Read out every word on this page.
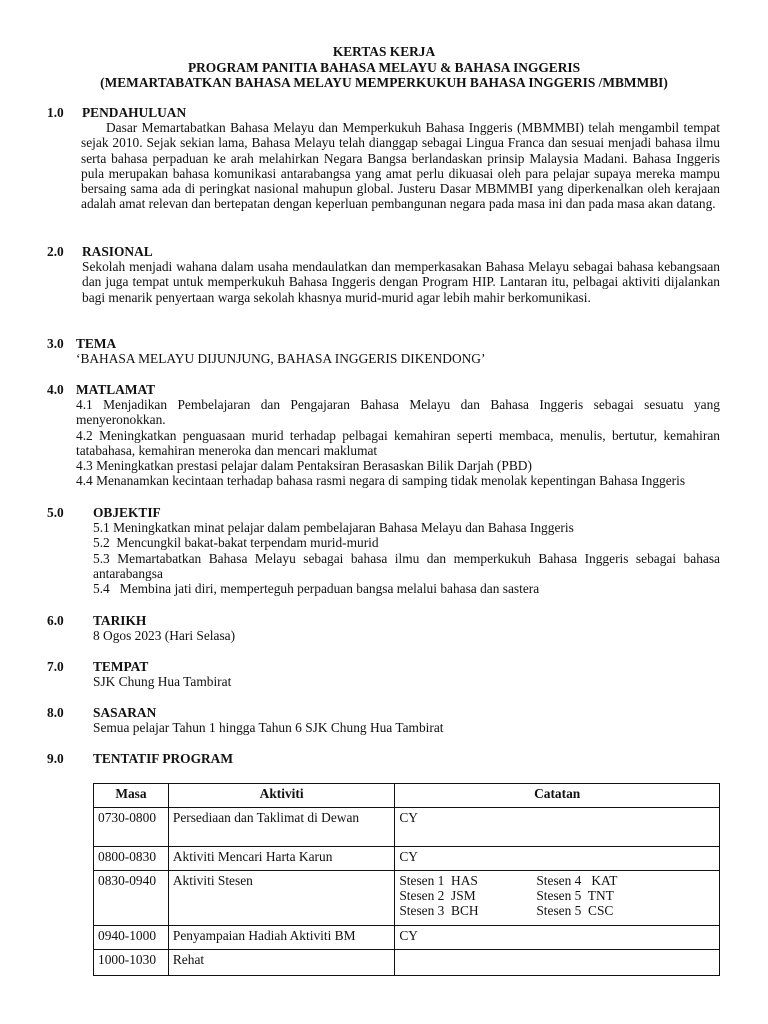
KERTAS KERJA
PROGRAM PANITIA BAHASA MELAYU & BAHASA INGGERIS
(MEMARTABATKAN BAHASA MELAYU MEMPERKUKUH BAHASA INGGERIS /MBMMBI)
1.0 PENDAHULUAN
Dasar Memartabatkan Bahasa Melayu dan Memperkukuh Bahasa Inggeris (MBMMBI) telah mengambil tempat sejak 2010. Sejak sekian lama, Bahasa Melayu telah dianggap sebagai Lingua Franca dan sesuai menjadi bahasa ilmu serta bahasa perpaduan ke arah melahirkan Negara Bangsa berlandaskan prinsip Malaysia Madani. Bahasa Inggeris pula merupakan bahasa komunikasi antarabangsa yang amat perlu dikuasai oleh para pelajar supaya mereka mampu bersaing sama ada di peringkat nasional mahupun global. Justeru Dasar MBMMBI yang diperkenalkan oleh kerajaan adalah amat relevan dan bertepatan dengan keperluan pembangunan negara pada masa ini dan pada masa akan datang.
2.0 RASIONAL
Sekolah menjadi wahana dalam usaha mendaulatkan dan memperkasakan Bahasa Melayu sebagai bahasa kebangsaan dan juga tempat untuk memperkukuh Bahasa Inggeris dengan Program HIP. Lantaran itu, pelbagai aktiviti dijalankan bagi menarik penyertaan warga sekolah khasnya murid-murid agar lebih mahir berkomunikasi.
3.0 TEMA
‘BAHASA MELAYU DIJUNJUNG, BAHASA INGGERIS DIKENDONG’
4.0 MATLAMAT
4.1 Menjadikan Pembelajaran dan Pengajaran Bahasa Melayu dan Bahasa Inggeris sebagai sesuatu yang menyeronokkan.
4.2 Meningkatkan penguasaan murid terhadap pelbagai kemahiran seperti membaca, menulis, bertutur, kemahiran tatabahasa, kemahiran meneroka dan mencari maklumat
4.3 Meningkatkan prestasi pelajar dalam Pentaksiran Berasaskan Bilik Darjah (PBD)
4.4 Menanamkan kecintaan terhadap bahasa rasmi negara di samping tidak menolak kepentingan Bahasa Inggeris
5.0 OBJEKTIF
5.1 Meningkatkan minat pelajar dalam pembelajaran Bahasa Melayu dan Bahasa Inggeris
5.2  Mencungkil bakat-bakat terpendam murid-murid
5.3 Memartabatkan Bahasa Melayu sebagai bahasa ilmu dan memperkukuh Bahasa Inggeris sebagai bahasa antarabangsa
5.4   Membina jati diri, memperteguh perpaduan bangsa melalui bahasa dan sastera
6.0 TARIKH
8 Ogos 2023 (Hari Selasa)
7.0 TEMPAT
SJK Chung Hua Tambirat
8.0 SASARAN
Semua pelajar Tahun 1 hingga Tahun 6 SJK Chung Hua Tambirat
9.0 TENTATIF PROGRAM
Masa	Aktiviti	Catatan
0730-0800	Persediaan dan Taklimat di Dewan	CY
0800-0830	Aktiviti Mencari Harta Karun	CY
0830-0940	Aktiviti Stesen	Stesen 1  HAS Stesen 4   KAT
Stesen 2  JSM Stesen 5  TNT
Stesen 3  BCH Stesen 5  CSC

0940-1000	Penyampaian Hadiah Aktiviti BM	CY
1000-1030	Rehat	
